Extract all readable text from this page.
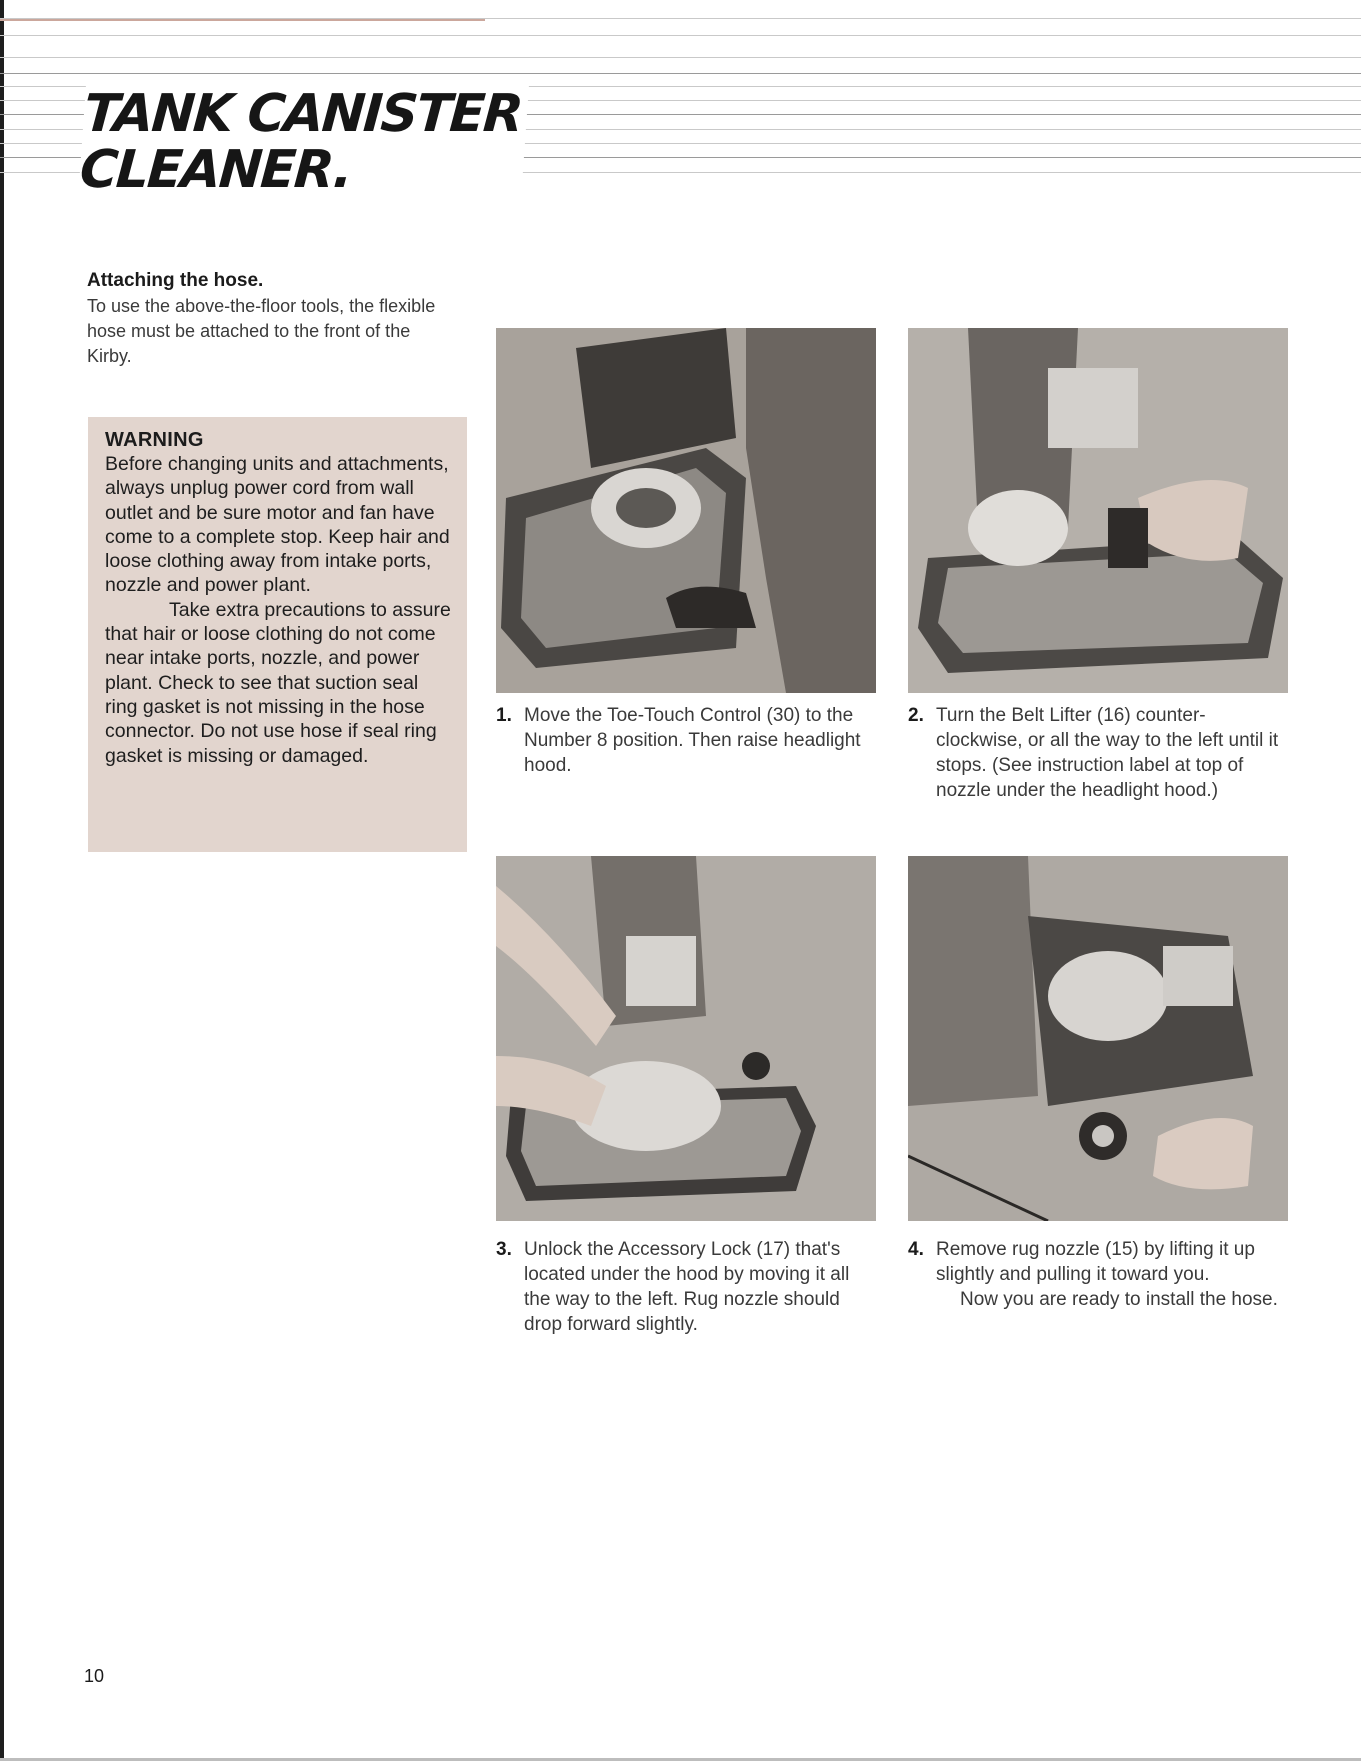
TANK CANISTER
CLEANER.
Attaching the hose.

To use the above-the-floor tools, the flexible hose must be attached to the front of the Kirby.

WARNING

Before changing units and attachments, always unplug power cord from wall outlet and be sure motor and fan have come to a complete stop. Keep hair and loose clothing away from intake ports, nozzle and power plant.

Take extra precautions to assure that hair or loose clothing do not come near intake ports, nozzle, and power plant. Check to see that suction seal ring gasket is not missing in the hose connector. Do not use hose if seal ring gasket is missing or damaged.

1. Move the Toe-Touch Control (30) to the Number 8 position. Then raise headlight hood.
2. Turn the Belt Lifter (16) counter-clockwise, or all the way to the left until it stops. (See instruction label at top of nozzle under the headlight hood.)
3. Unlock the Accessory Lock (17) that's located under the hood by moving it all the way to the left. Rug nozzle should drop forward slightly.
4. Remove rug nozzle (15) by lifting it up slightly and pulling it toward you.
Now you are ready to install the hose.
10
